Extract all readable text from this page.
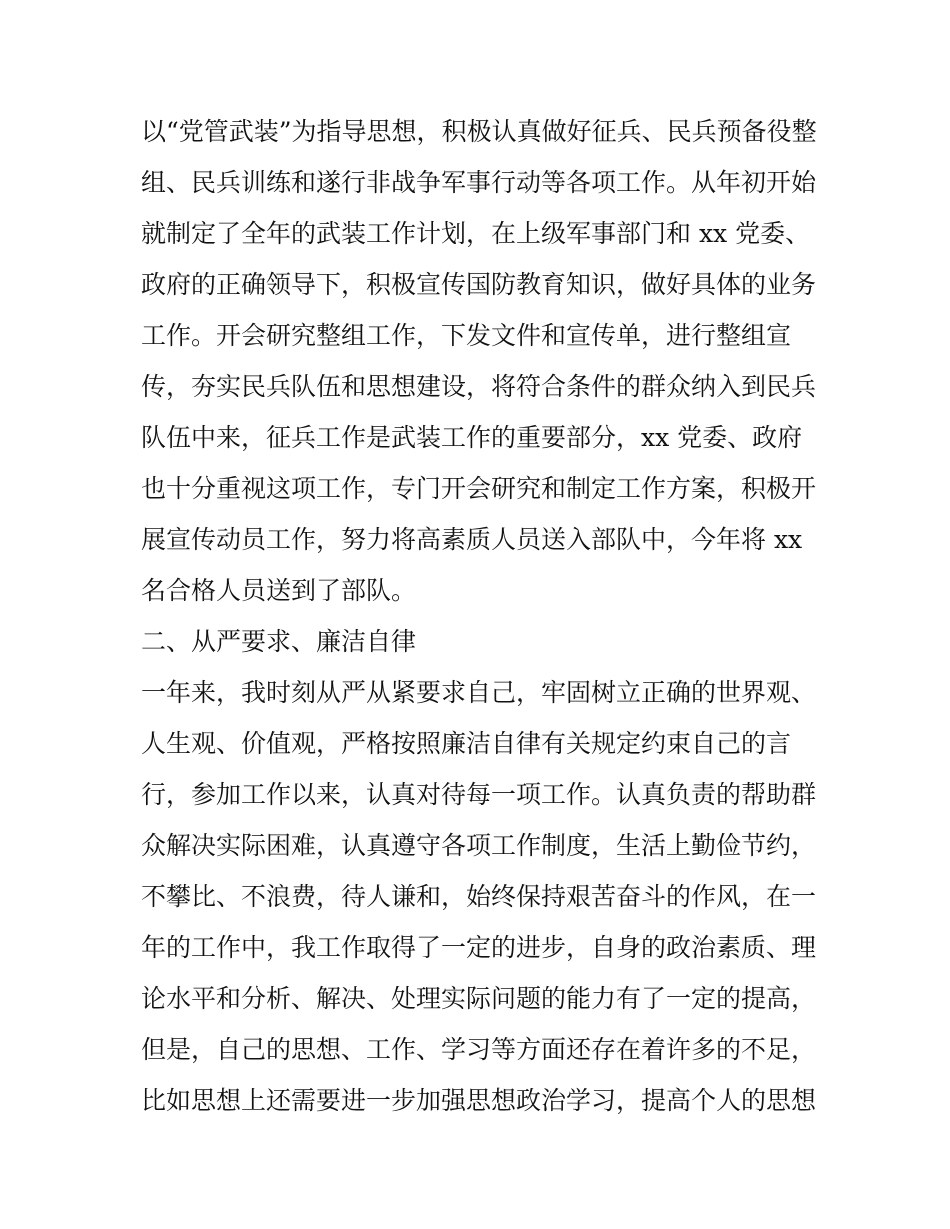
以“党管武装”为指导思想，积极认真做好征兵、民兵预备役整
组、民兵训练和遂行非战争军事行动等各项工作。从年初开始
就制定了全年的武装工作计划，在上级军事部门和 xx 党委、
政府的正确领导下，积极宣传国防教育知识，做好具体的业务
工作。开会研究整组工作，下发文件和宣传单，进行整组宣
传，夯实民兵队伍和思想建设，将符合条件的群众纳入到民兵
队伍中来，征兵工作是武装工作的重要部分，xx 党委、政府
也十分重视这项工作，专门开会研究和制定工作方案，积极开
展宣传动员工作，努力将高素质人员送入部队中，今年将 xx
名合格人员送到了部队。
二、从严要求、廉洁自律
一年来，我时刻从严从紧要求自己，牢固树立正确的世界观、
人生观、价值观，严格按照廉洁自律有关规定约束自己的言
行，参加工作以来，认真对待每一项工作。认真负责的帮助群
众解决实际困难，认真遵守各项工作制度，生活上勤俭节约，
不攀比、不浪费，待人谦和，始终保持艰苦奋斗的作风，在一
年的工作中，我工作取得了一定的进步，自身的政治素质、理
论水平和分析、解决、处理实际问题的能力有了一定的提高，
但是，自己的思想、工作、学习等方面还存在着许多的不足，
比如思想上还需要进一步加强思想政治学习，提高个人的思想
